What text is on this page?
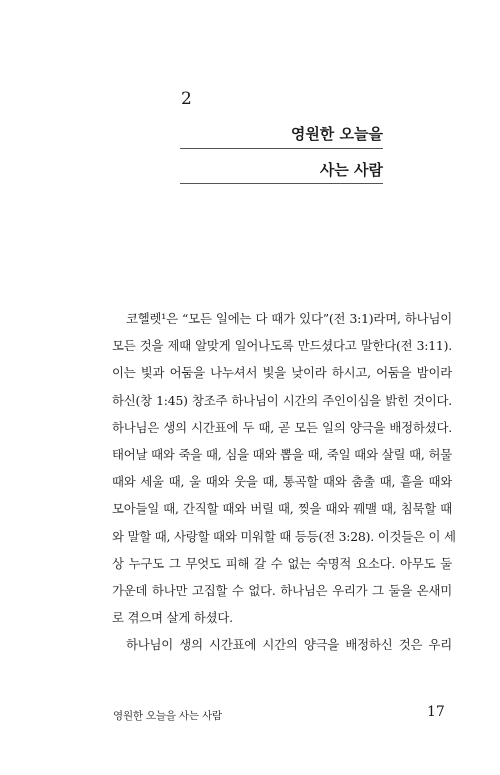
2
영원한 오늘을
사는 사람

코헬렛¹은 “모든 일에는 다 때가 있다”(전 3:1)라며, 하나님이
모든 것을 제때 알맞게 일어나도록 만드셨다고 말한다(전 3:11).
이는 빛과 어둠을 나누셔서 빛을 낮이라 하시고, 어둠을 밤이라
하신(창 1:45) 창조주 하나님이 시간의 주인이심을 밝힌 것이다.
하나님은 생의 시간표에 두 때, 곧 모든 일의 양극을 배정하셨다.
태어날 때와 죽을 때, 심을 때와 뽑을 때, 죽일 때와 살릴 때, 허물
때와 세울 때, 울 때와 웃을 때, 통곡할 때와 춤출 때, 흩을 때와
모아들일 때, 간직할 때와 버릴 때, 찢을 때와 꿰맬 때, 침묵할 때
와 말할 때, 사랑할 때와 미워할 때 등등(전 3:28). 이것들은 이 세
상 누구도 그 무엇도 피해 갈 수 없는 숙명적 요소다. 아무도 둘
가운데 하나만 고집할 수 없다. 하나님은 우리가 그 둘을 온새미
로 겪으며 살게 하셨다.

하나님이 생의 시간표에 시간의 양극을 배정하신 것은 우리

영원한 오늘을 사는 사람	17
